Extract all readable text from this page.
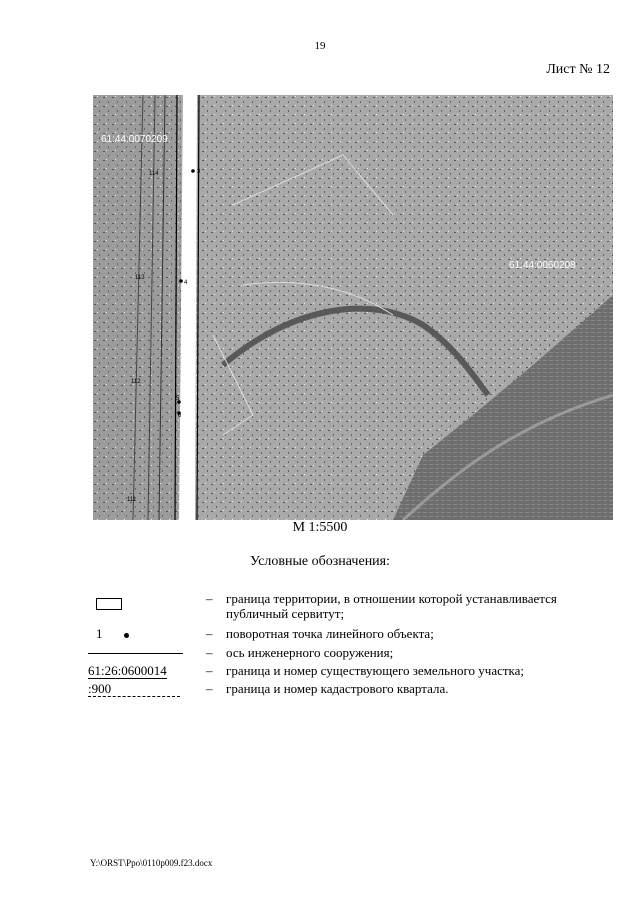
19
Лист № 12
3
4
5
6
114
113
112
111
61:44:0070209
61:44:0060208
М 1:5500
Условные обозначения:
– граница территории, в отношении которой устанавливается публичный сервитут;
1	– поворотная точка линейного объекта;
– ось инженерного сооружения;
61:26:0600014	– граница и номер существующего земельного участка;
:900	– граница и номер кадастрового квартала.
Y:\ORST\Ppo\0110p009.f23.docx
